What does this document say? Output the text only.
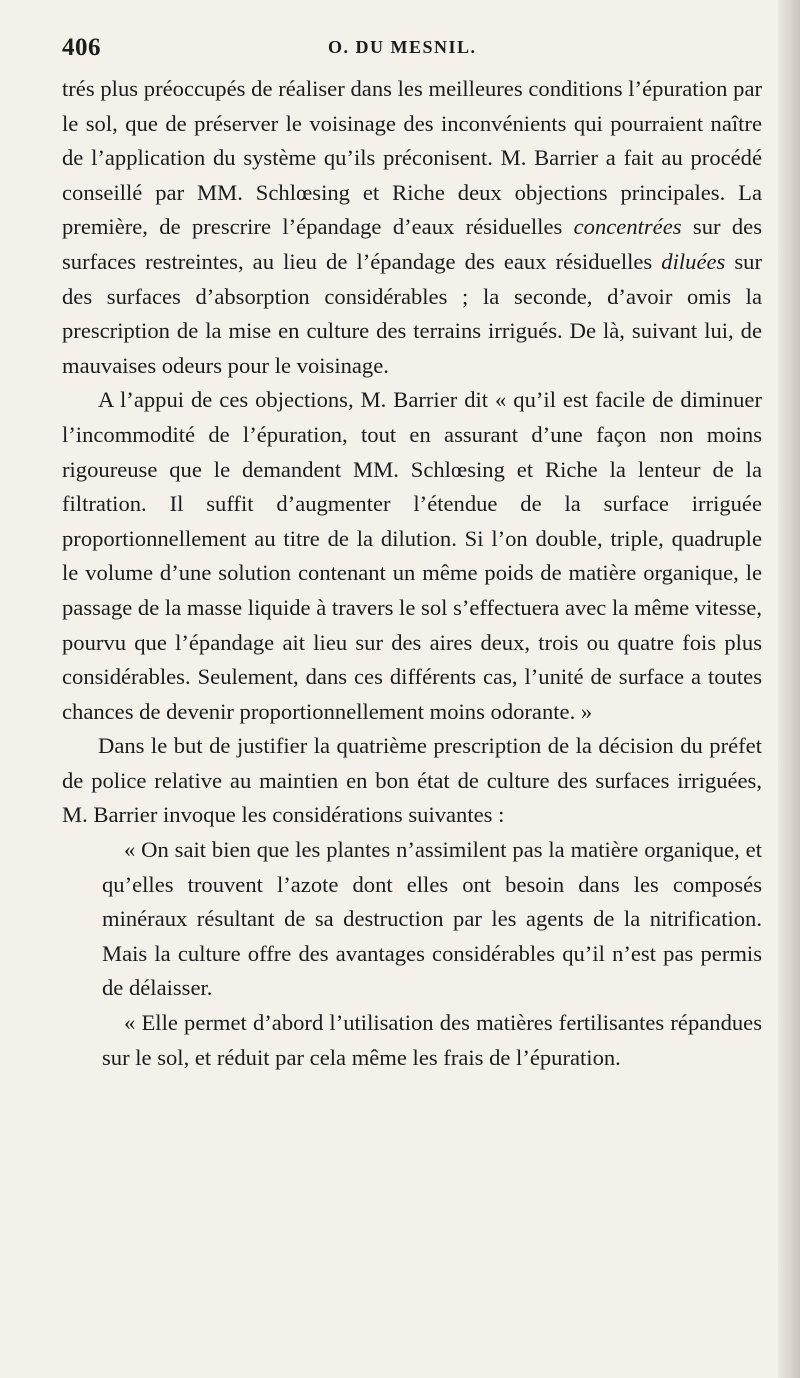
406	O. DU MESNIL.

trés plus préoccupés de réaliser dans les meilleures conditions l’épuration par le sol, que de préserver le voisinage des inconvénients qui pourraient naître de l’application du système qu’ils préconisent. M. Barrier a fait au procédé conseillé par MM. Schlœsing et Riche deux objections principales. La première, de prescrire l’épandage d’eaux résiduelles concentrées sur des surfaces restreintes, au lieu de l’épandage des eaux résiduelles diluées sur des surfaces d’absorption considérables ; la seconde, d’avoir omis la prescription de la mise en culture des terrains irrigués. De là, suivant lui, de mauvaises odeurs pour le voisinage.

A l’appui de ces objections, M. Barrier dit « qu’il est facile de diminuer l’incommodité de l’épuration, tout en assurant d’une façon non moins rigoureuse que le demandent MM. Schlœsing et Riche la lenteur de la filtration. Il suffit d’augmenter l’étendue de la surface irriguée proportionnellement au titre de la dilution. Si l’on double, triple, quadruple le volume d’une solution contenant un même poids de matière organique, le passage de la masse liquide à travers le sol s’effectuera avec la même vitesse, pourvu que l’épandage ait lieu sur des aires deux, trois ou quatre fois plus considérables. Seulement, dans ces différents cas, l’unité de surface a toutes chances de devenir proportionnellement moins odorante. »

Dans le but de justifier la quatrième prescription de la décision du préfet de police relative au maintien en bon état de culture des surfaces irriguées, M. Barrier invoque les considérations suivantes :

« On sait bien que les plantes n’assimilent pas la matière organique, et qu’elles trouvent l’azote dont elles ont besoin dans les composés minéraux résultant de sa destruction par les agents de la nitrification. Mais la culture offre des avantages considérables qu’il n’est pas permis de délaisser.

« Elle permet d’abord l’utilisation des matières fertilisantes répandues sur le sol, et réduit par cela même les frais de l’épuration.
